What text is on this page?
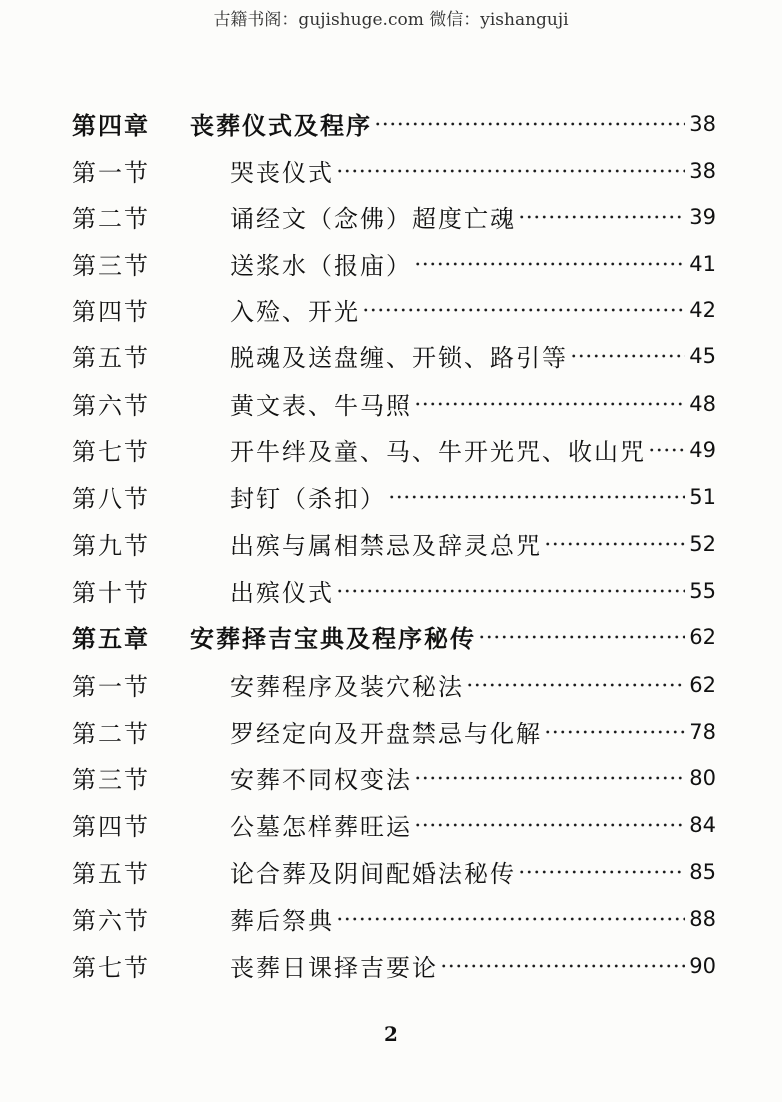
古籍书阁：gujishuge.com 微信：yishanguji
第四章	丧葬仪式及程序	38
第一节	哭丧仪式	38
第二节	诵经文（念佛）超度亡魂	39
第三节	送浆水（报庙）	41
第四节	入殓、开光	42
第五节	脱魂及送盘缠、开锁、路引等	45
第六节	黄文表、牛马照	48
第七节	开牛绊及童、马、牛开光咒、收山咒 49
第八节	封钉（杀扣）	51
第九节	出殡与属相禁忌及辞灵总咒	52
第十节	出殡仪式	55
第五章	安葬择吉宝典及程序秘传	62
第一节	安葬程序及装穴秘法	62
第二节	罗经定向及开盘禁忌与化解	78
第三节	安葬不同权变法	80
第四节	公墓怎样葬旺运	84
第五节	论合葬及阴间配婚法秘传	85
第六节	葬后祭典	88
第七节	丧葬日课择吉要论	90
2
